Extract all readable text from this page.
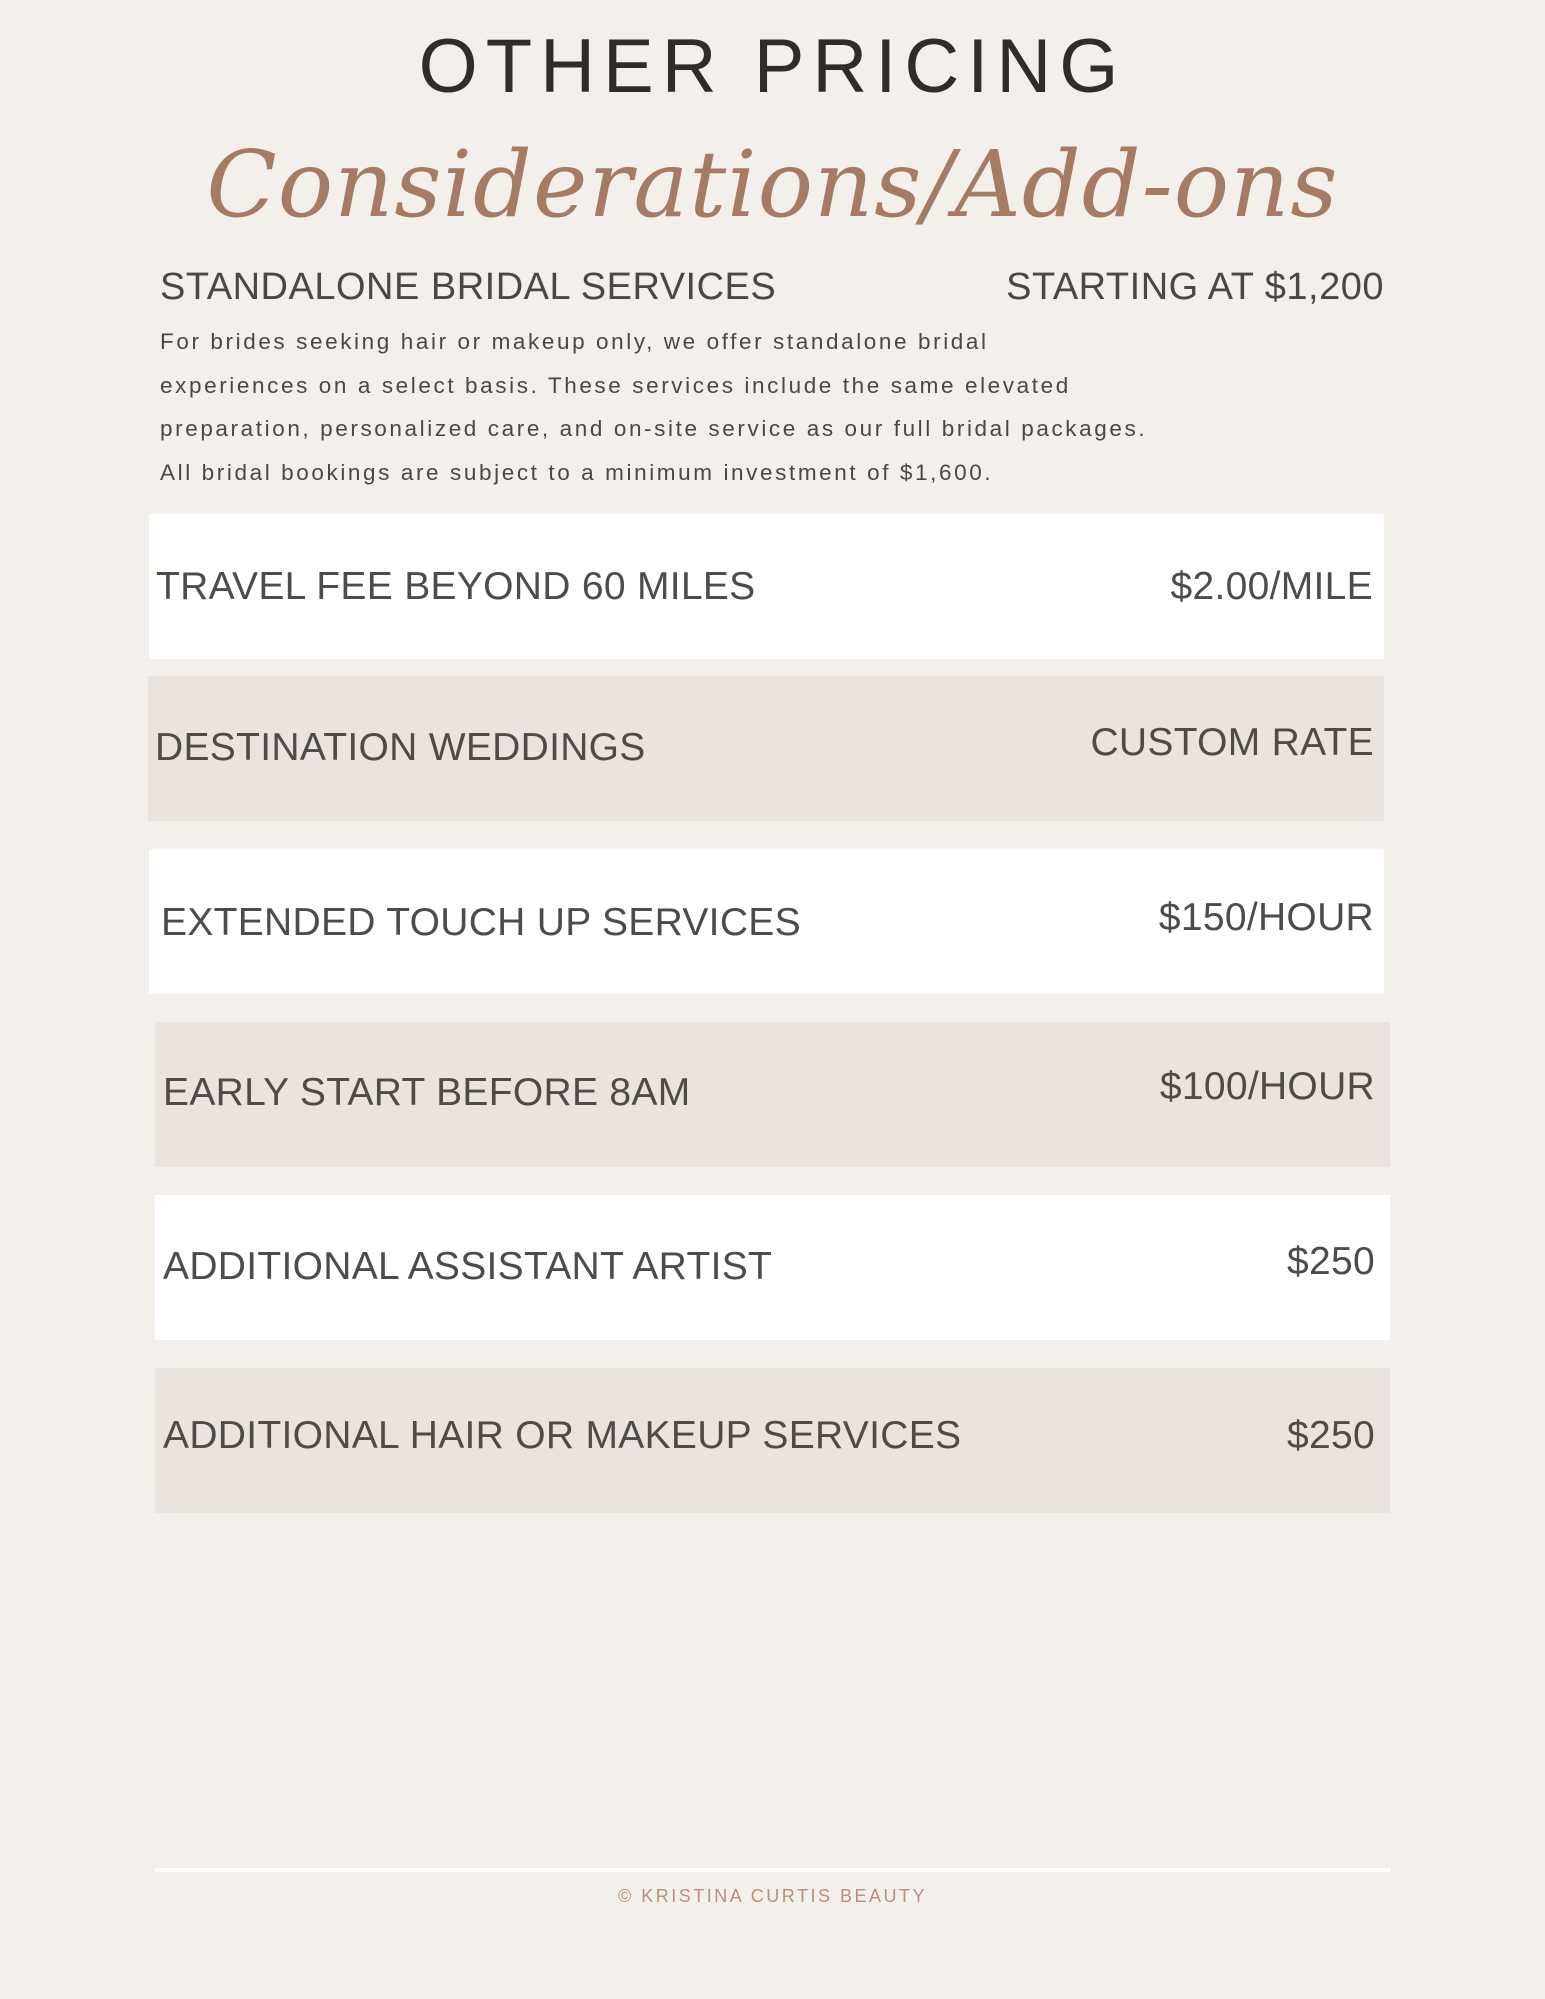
OTHER PRICING
Considerations/Add-ons
STANDALONE BRIDAL SERVICES	STARTING AT $1,200
For brides seeking hair or makeup only, we offer standalone bridal
experiences on a select basis. These services include the same elevated
preparation, personalized care, and on-site service as our full bridal packages.
All bridal bookings are subject to a minimum investment of $1,600.
TRAVEL FEE BEYOND 60 MILES	$2.00/MILE
DESTINATION WEDDINGS	CUSTOM RATE
EXTENDED TOUCH UP SERVICES	$150/HOUR
EARLY START BEFORE 8AM	$100/HOUR
ADDITIONAL ASSISTANT ARTIST	$250
ADDITIONAL HAIR OR MAKEUP SERVICES	$250
© KRISTINA CURTIS BEAUTY
